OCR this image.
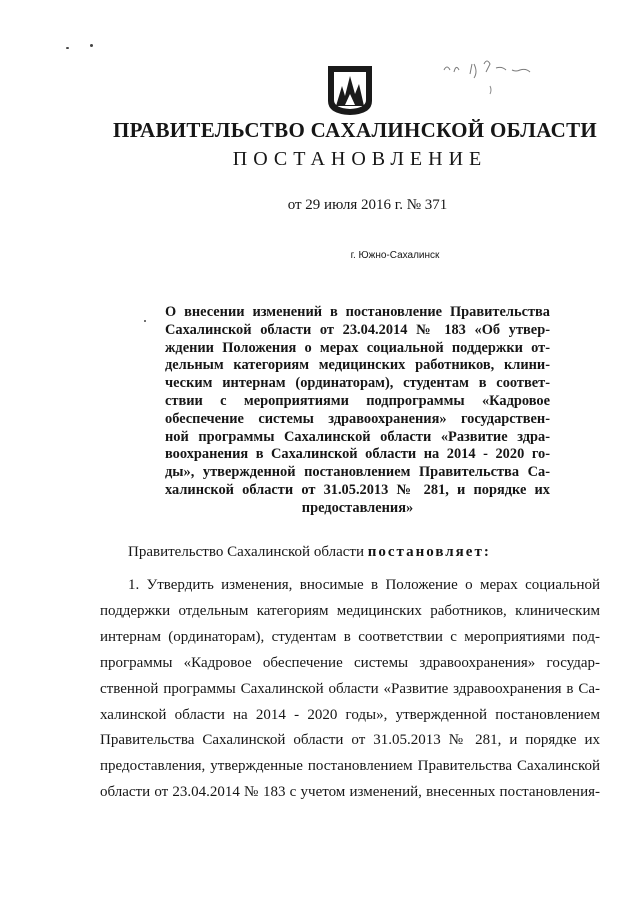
ПРАВИТЕЛЬСТВО САХАЛИНСКОЙ ОБЛАСТИ
ПОСТАНОВЛЕНИЕ
от 29 июля 2016 г. № 371
г. Южно-Сахалинск
О внесении изменений в постановление Правительства
Сахалинской области от 23.04.2014 № 183 «Об утвер-
ждении Положения о мерах социальной поддержки от-
дельным категориям медицинских работников, клини-
ческим интернам (ординаторам), студентам в соответ-
ствии с мероприятиями подпрограммы «Кадровое
обеспечение системы здравоохранения» государствен-
ной программы Сахалинской области «Развитие здра-
воохранения в Сахалинской области на 2014 - 2020 го-
ды», утвержденной постановлением Правительства Са-
халинской области от 31.05.2013 № 281, и порядке их
предоставления»
Правительство Сахалинской области постановляет:
1. Утвердить изменения, вносимые в Положение о мерах социальной
поддержки отдельным категориям медицинских работников, клиническим
интернам (ординаторам), студентам в соответствии с мероприятиями под-
программы «Кадровое обеспечение системы здравоохранения» государ-
ственной программы Сахалинской области «Развитие здравоохранения в Са-
халинской области на 2014 - 2020 годы», утвержденной постановлением
Правительства Сахалинской области от 31.05.2013 № 281, и порядке их
предоставления, утвержденные постановлением Правительства Сахалинской
области от 23.04.2014 № 183 с учетом изменений, внесенных постановления-
